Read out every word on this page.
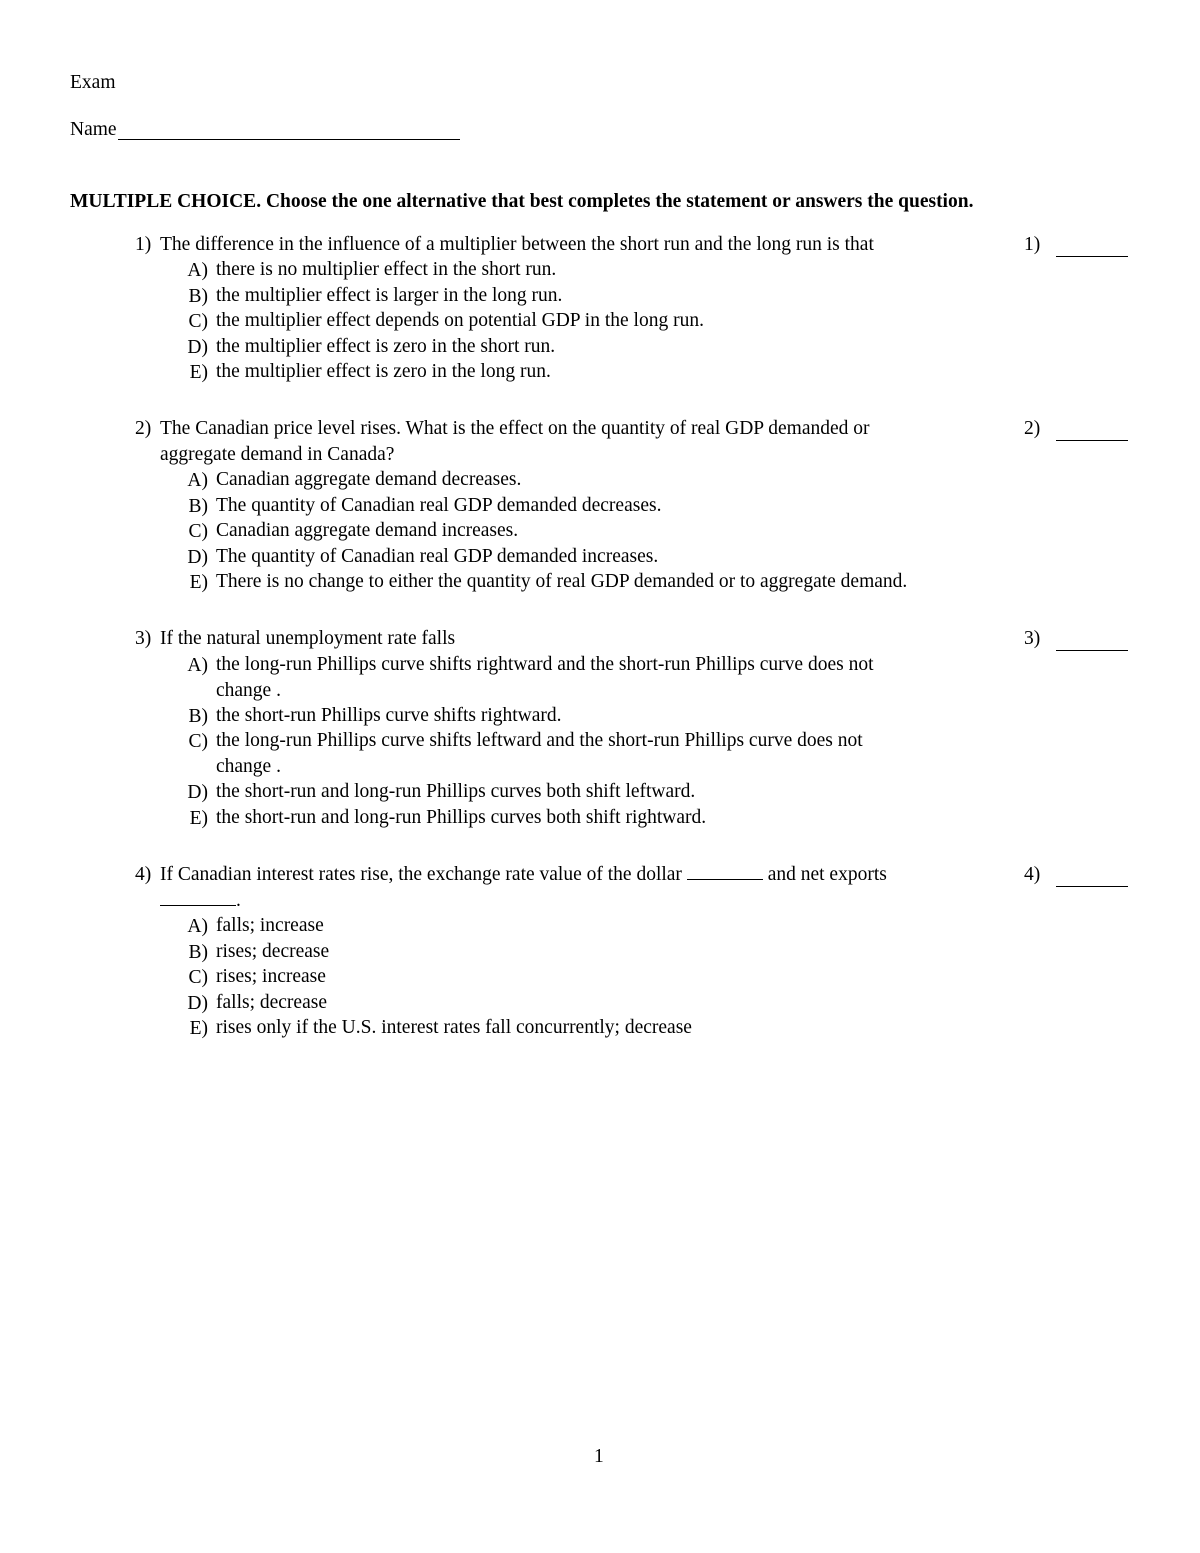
Exam
Name
MULTIPLE CHOICE. Choose the one alternative that best completes the statement or answers the question.
1) The difference in the influence of a multiplier between the short run and the long run is that	1)
A) there is no multiplier effect in the short run.
B) the multiplier effect is larger in the long run.
C) the multiplier effect depends on potential GDP in the long run.
D) the multiplier effect is zero in the short run.
E) the multiplier effect is zero in the long run.
2) The Canadian price level rises. What is the effect on the quantity of real GDP demanded or
aggregate demand in Canada?
2)
A) Canadian aggregate demand decreases.
B) The quantity of Canadian real GDP demanded decreases.
C) Canadian aggregate demand increases.
D) The quantity of Canadian real GDP demanded increases.
E) There is no change to either the quantity of real GDP demanded or to aggregate demand.
3) If the natural unemployment rate falls	3)
A) the long-run Phillips curve shifts rightward and the short-run Phillips curve does not
change .
B) the short-run Phillips curve shifts rightward.
C) the long-run Phillips curve shifts leftward and the short-run Phillips curve does not
change .
D) the short-run and long-run Phillips curves both shift leftward.
E) the short-run and long-run Phillips curves both shift rightward.
4) If Canadian interest rates rise, the exchange rate value of the dollar	and net exports
.
4)
A) falls; increase
B) rises; decrease
C) rises; increase
D) falls; decrease
E) rises only if the U.S. interest rates fall concurrently; decrease
1
